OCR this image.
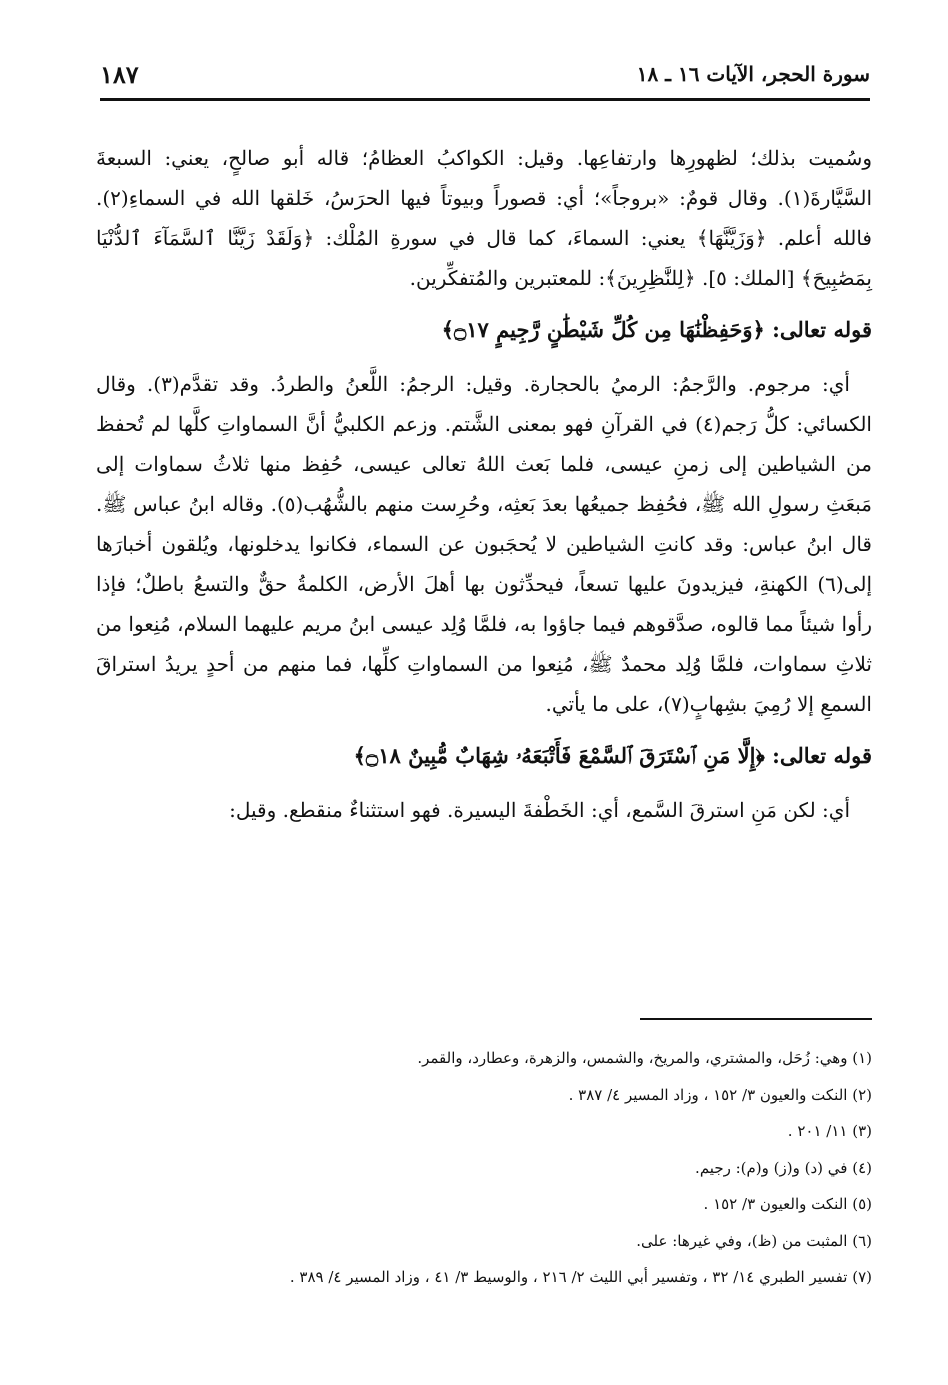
سورة الحجر، الآيات ١٦ ـ ١٨
١٨٧

وسُميت بذلك؛ لظهورِها وارتفاعِها. وقيل: الكواكبُ العظامُ؛ قاله أبو صالحٍ، يعني: السبعةَ السَّيَّارةَ(١). وقال قومٌ: «بروجاً»؛ أي: قصوراً وبيوتاً فيها الحرَسُ، خَلقها الله في السماءِ(٢). فالله أعلم. ﴿وَزَيَّنَّهَا﴾ يعني: السماءَ، كما قال في سورةِ المُلْك: ﴿وَلَقَدْ زَيَّنَّا ٱلسَّمَآءَ ٱلدُّنْيَا بِمَصَٰبِيحَ﴾ [الملك: ٥]. ﴿لِلنَّٰظِرِينَ﴾: للمعتبرين والمُتفكِّرين.

قوله تعالى: ﴿وَحَفِظْنَٰهَا مِن كُلِّ شَيْطَٰنٍ رَّجِيمٍ ۝١٧﴾

أي: مرجوم. والرَّجمُ: الرميُ بالحجارة. وقيل: الرجمُ: اللَّعنُ والطردُ. وقد تقدَّم(٣). وقال الكسائي: كلُّ رَجم(٤) في القرآنِ فهو بمعنى الشَّتم. وزعم الكلبيُّ أنَّ السماواتِ كلَّها لم تُحفظ من الشياطين إلى زمنِ عيسى، فلما بَعث اللهُ تعالى عيسى، حُفِظ منها ثلاثُ سماوات إلى مَبعَثِ رسولِ الله ﷺ، فحُفِظ جميعُها بعدَ بَعثِه، وحُرِست منهم بالشُّهُب(٥). وقاله ابنُ عباس ﷺ. قال ابنُ عباس: وقد كانتِ الشياطين لا يُحجَبون عن السماء، فكانوا يدخلونها، ويُلقون أخبارَها إلى(٦) الكهنةِ، فيزيدونَ عليها تسعاً، فيحدِّثون بها أهلَ الأرض، الكلمةُ حقٌّ والتسعُ باطلٌ؛ فإذا رأوا شيئاً مما قالوه، صدَّقوهم فيما جاؤوا به، فلمَّا وُلِد عيسى ابنُ مريم عليهما السلام، مُنِعوا من ثلاثِ سماوات، فلمَّا وُلِد محمدٌ ﷺ، مُنِعوا من السماواتِ كلِّها، فما منهم من أحدٍ يريدُ استراقَ السمعِ إلا رُمِيَ بشِهابٍ(٧)، على ما يأتي.

قوله تعالى: ﴿إِلَّا مَنِ ٱسْتَرَقَ ٱلسَّمْعَ فَأَتْبَعَهُۥ شِهَابٌ مُّبِينٌ ۝١٨﴾

أي: لكن مَنِ استرقَ السَّمع، أي: الخَطْفةَ اليسيرة. فهو استثناءٌ منقطع. وقيل:

(١) وهي: زُحَل، والمشتري، والمريخ، والشمس، والزهرة، وعطارد، والقمر.
(٢) النكت والعيون ٣/ ١٥٢ ، وزاد المسير ٤/ ٣٨٧ .
(٣) ١١/ ٢٠١ .
(٤) في (د) و(ز) و(م): رجيم.
(٥) النكت والعيون ٣/ ١٥٢ .
(٦) المثبت من (ظ)، وفي غيرها: على.
(٧) تفسير الطبري ١٤/ ٣٢ ، وتفسير أبي الليث ٢/ ٢١٦ ، والوسيط ٣/ ٤١ ، وزاد المسير ٤/ ٣٨٩ .
